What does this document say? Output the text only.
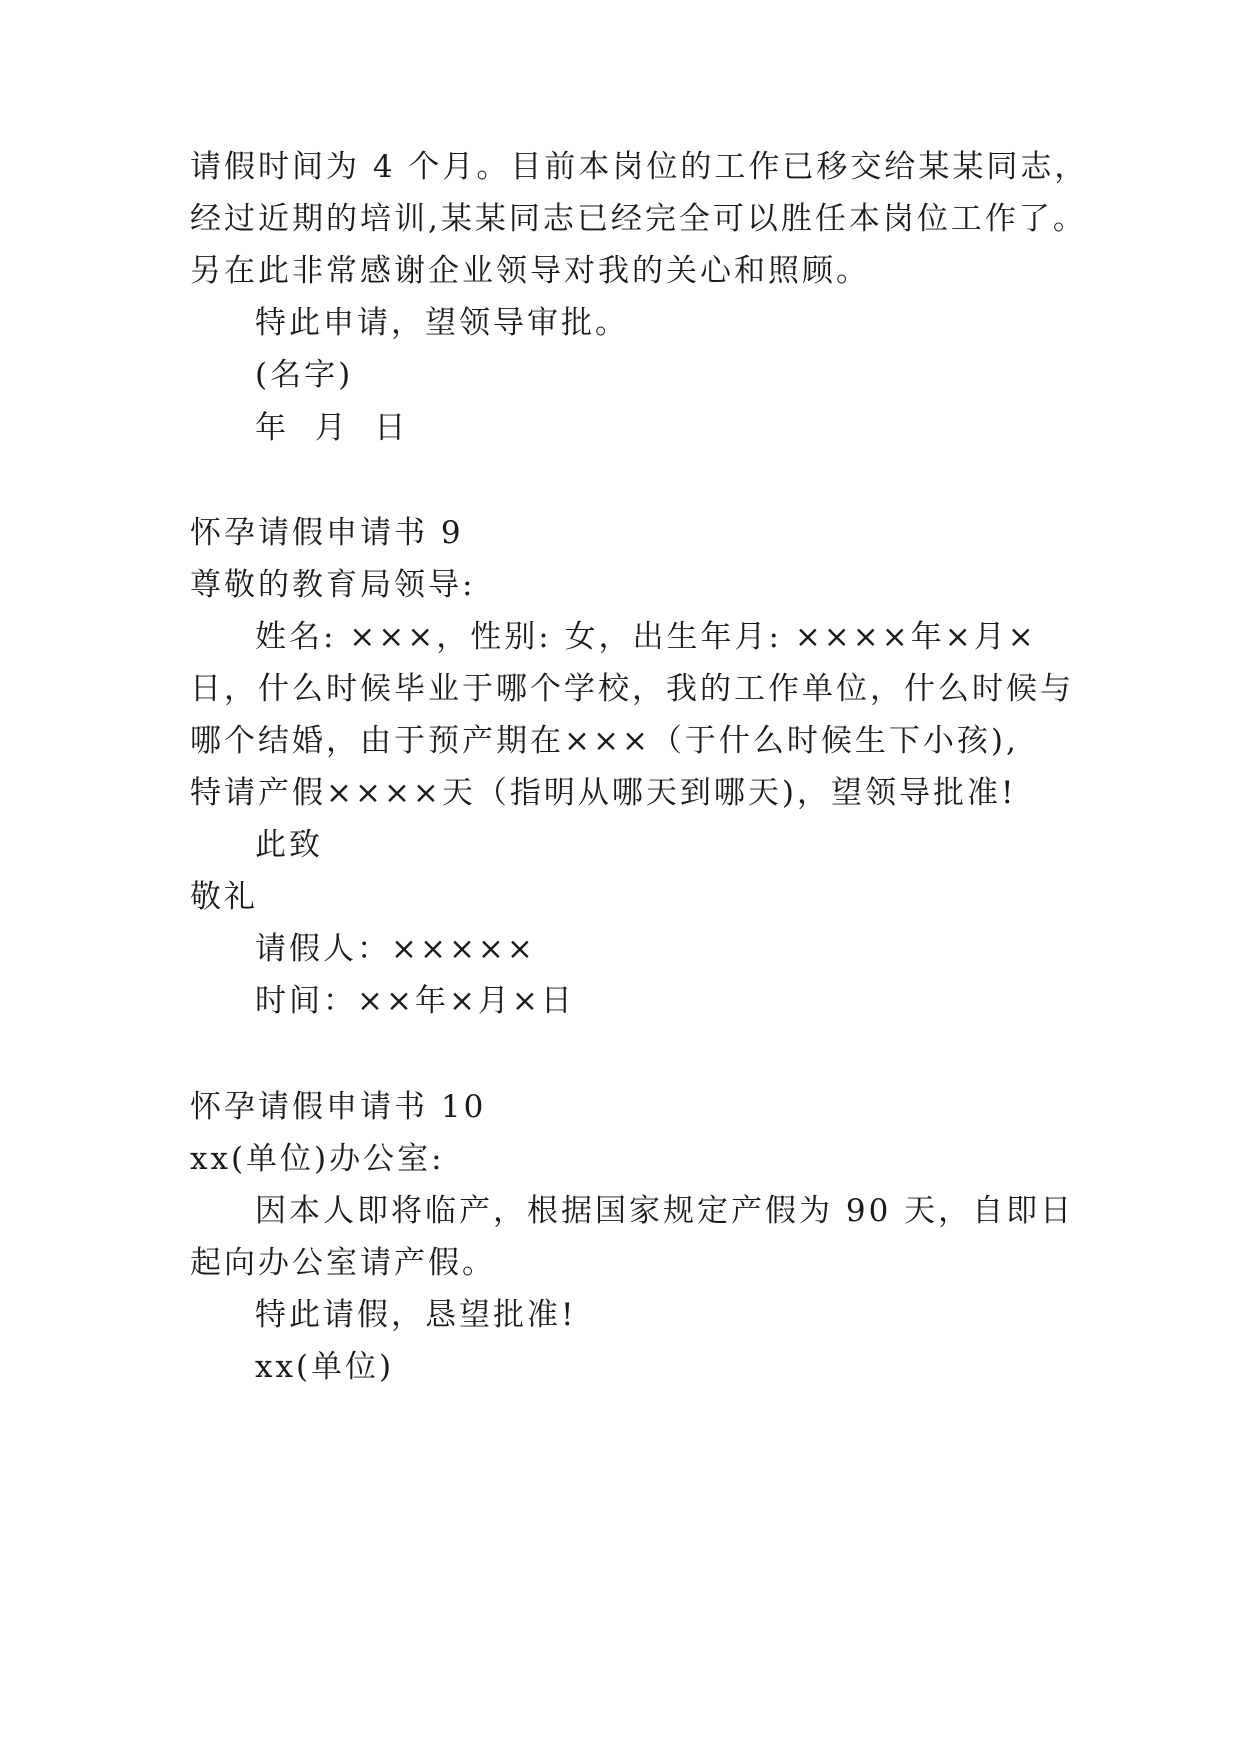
请假时间为 4 个月。目前本岗位的工作已移交给某某同志，
经过近期的培训,某某同志已经完全可以胜任本岗位工作了。
另在此非常感谢企业领导对我的关心和照顾。
特此申请，望领导审批。
(名字)
年  月  日
怀孕请假申请书 9
尊敬的教育局领导:
姓名: ×××，性别: 女，出生年月: ××××年×月×
日，什么时候毕业于哪个学校，我的工作单位，什么时候与
哪个结婚，由于预产期在×××（于什么时候生下小孩),
特请产假××××天（指明从哪天到哪天)，望领导批准!
此致
敬礼
请假人：×××××
时间：××年×月×日
怀孕请假申请书 10
xx(单位)办公室:
因本人即将临产，根据国家规定产假为 90 天，自即日
起向办公室请产假。
特此请假，恳望批准!
xx(单位)
